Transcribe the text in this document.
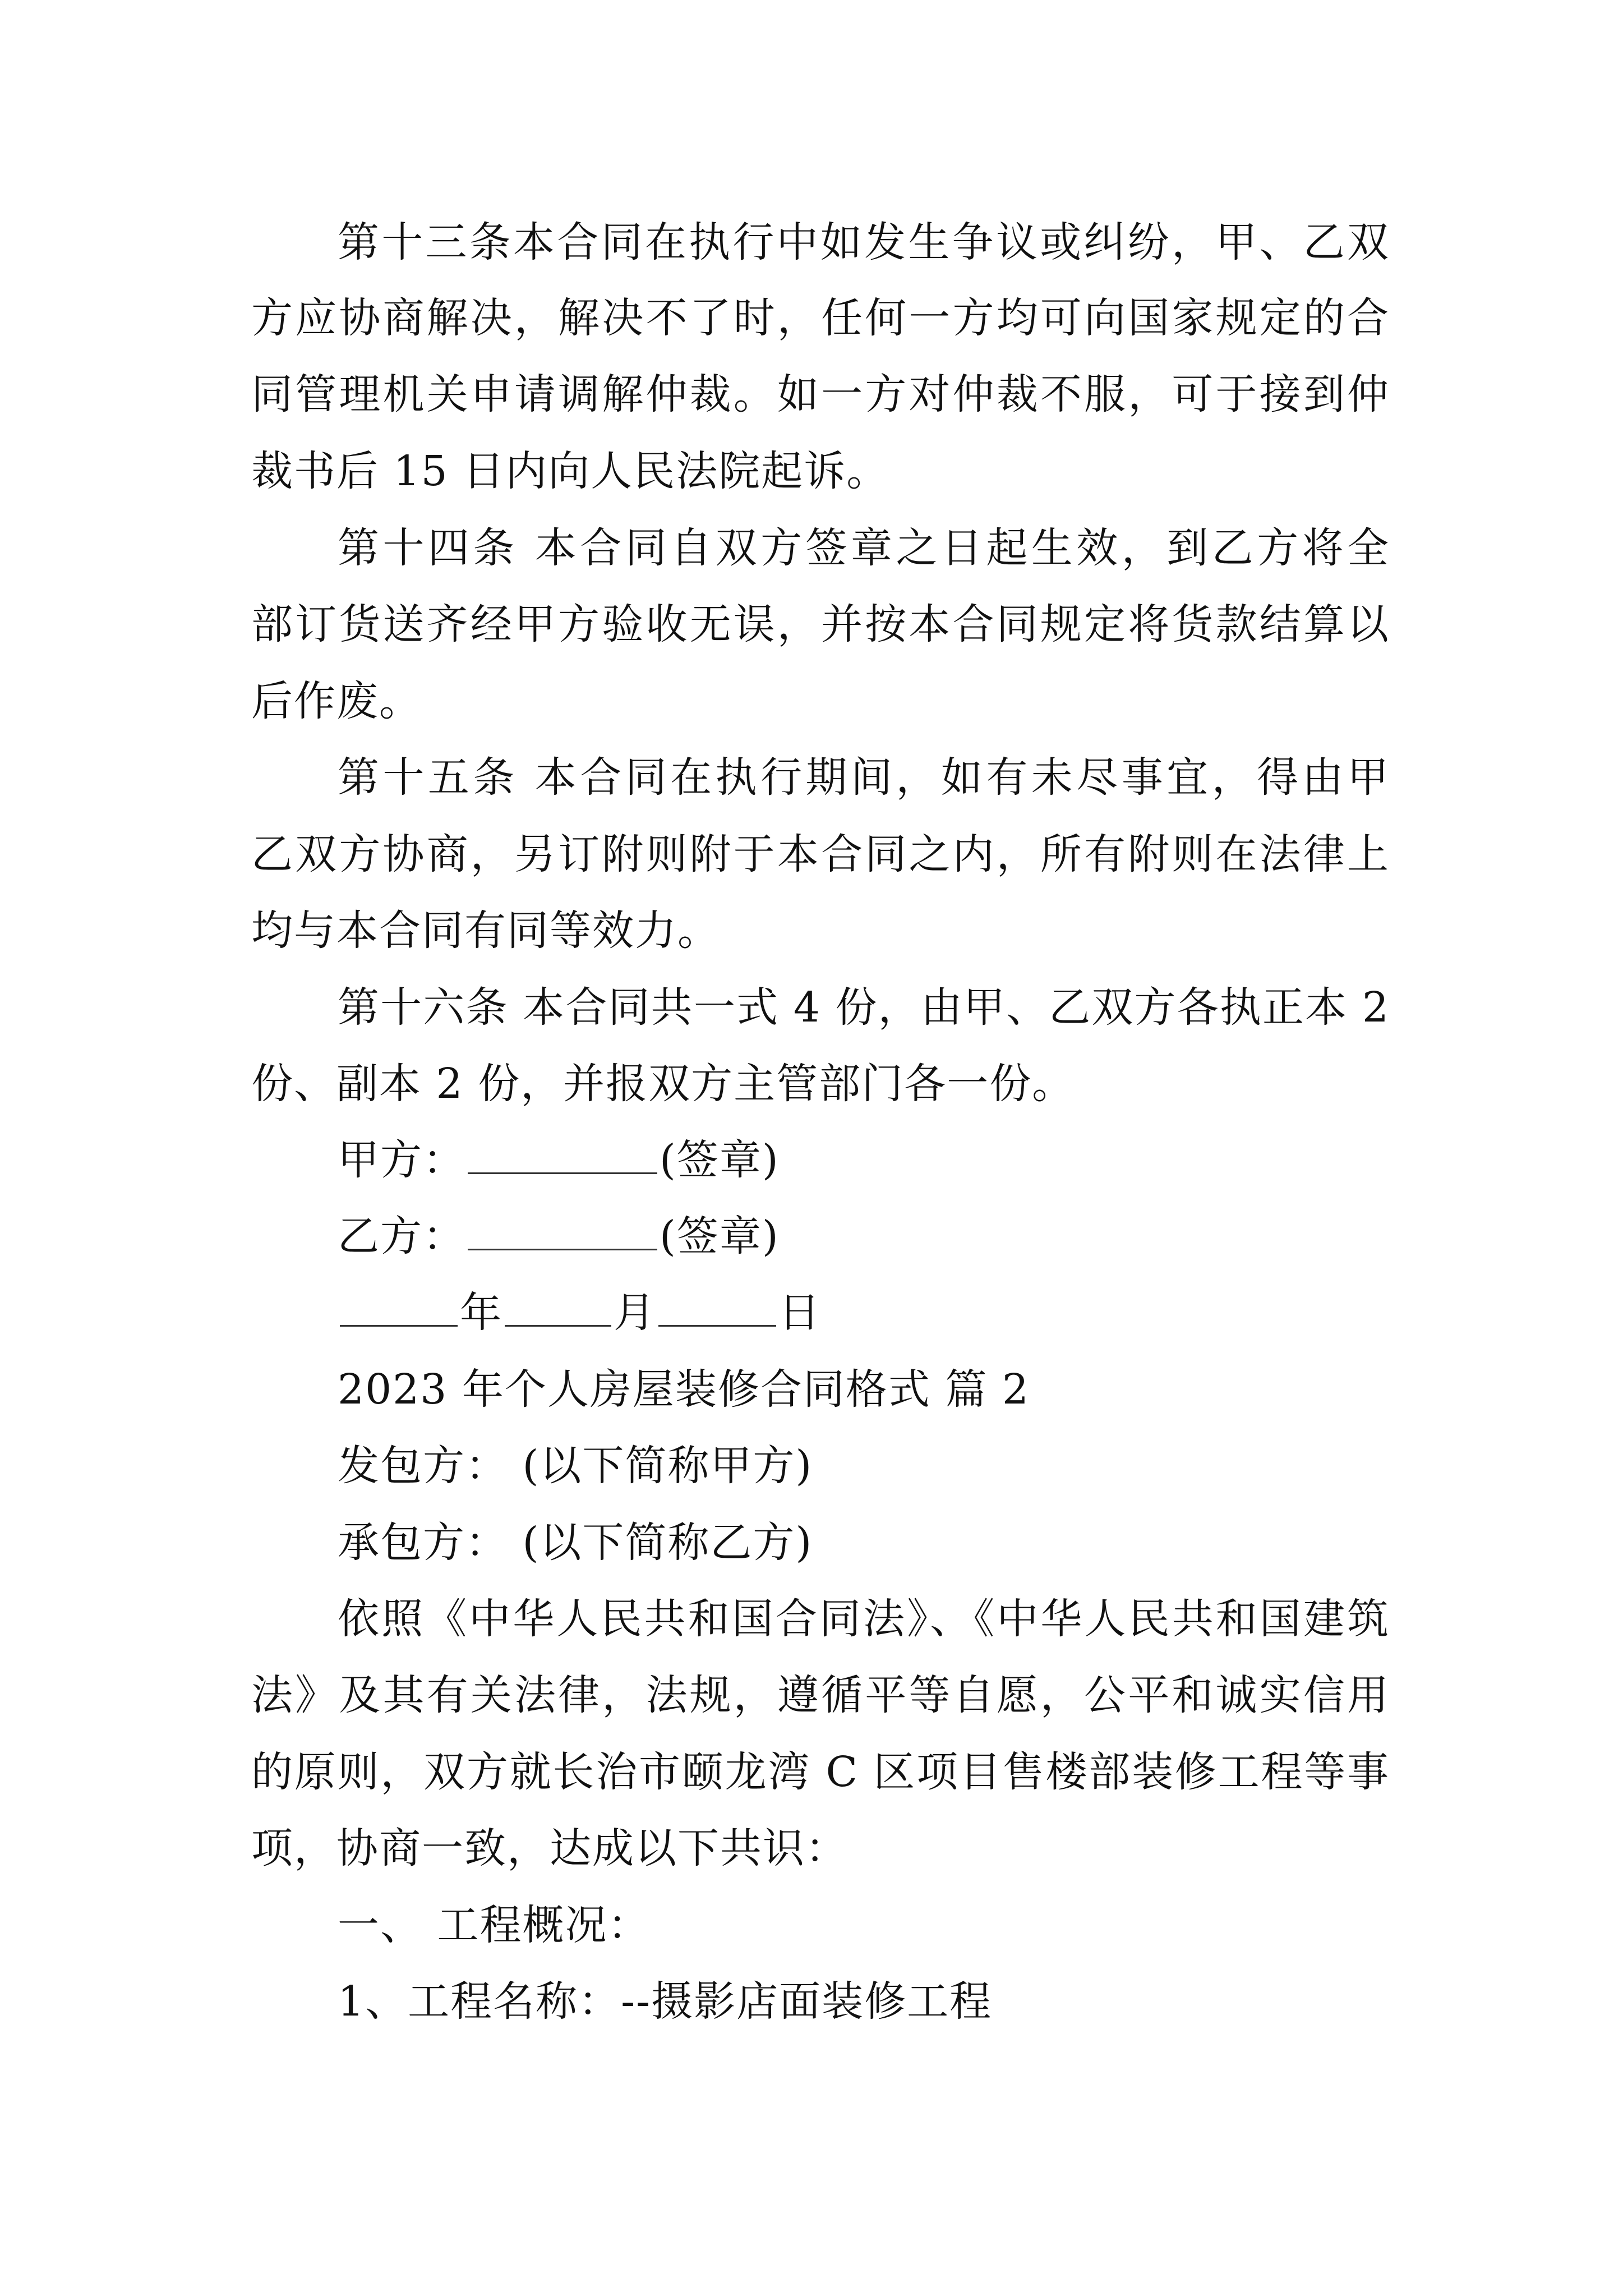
第十三条本合同在执行中如发生争议或纠纷，甲、乙双
方应协商解决，解决不了时，任何一方均可向国家规定的合
同管理机关申请调解仲裁。如一方对仲裁不服，可于接到仲
裁书后 15 日内向人民法院起诉。
第十四条 本合同自双方签章之日起生效，到乙方将全
部订货送齐经甲方验收无误，并按本合同规定将货款结算以
后作废。
第十五条 本合同在执行期间，如有未尽事宜，得由甲
乙双方协商，另订附则附于本合同之内，所有附则在法律上
均与本合同有同等效力。
第十六条 本合同共一式 4 份，由甲、乙双方各执正本 2
份、副本 2 份，并报双方主管部门各一份。
甲方：	(签章)
乙方：	(签章)
年	月	日
2023 年个人房屋装修合同格式 篇 2
发包方： (以下简称甲方)
承包方： (以下简称乙方)
依照《中华人民共和国合同法》、《中华人民共和国建筑
法》及其有关法律，法规，遵循平等自愿，公平和诚实信用
的原则，双方就长治市颐龙湾 C 区项目售楼部装修工程等事
项，协商一致，达成以下共识：
一、 工程概况：
1、工程名称：--摄影店面装修工程
